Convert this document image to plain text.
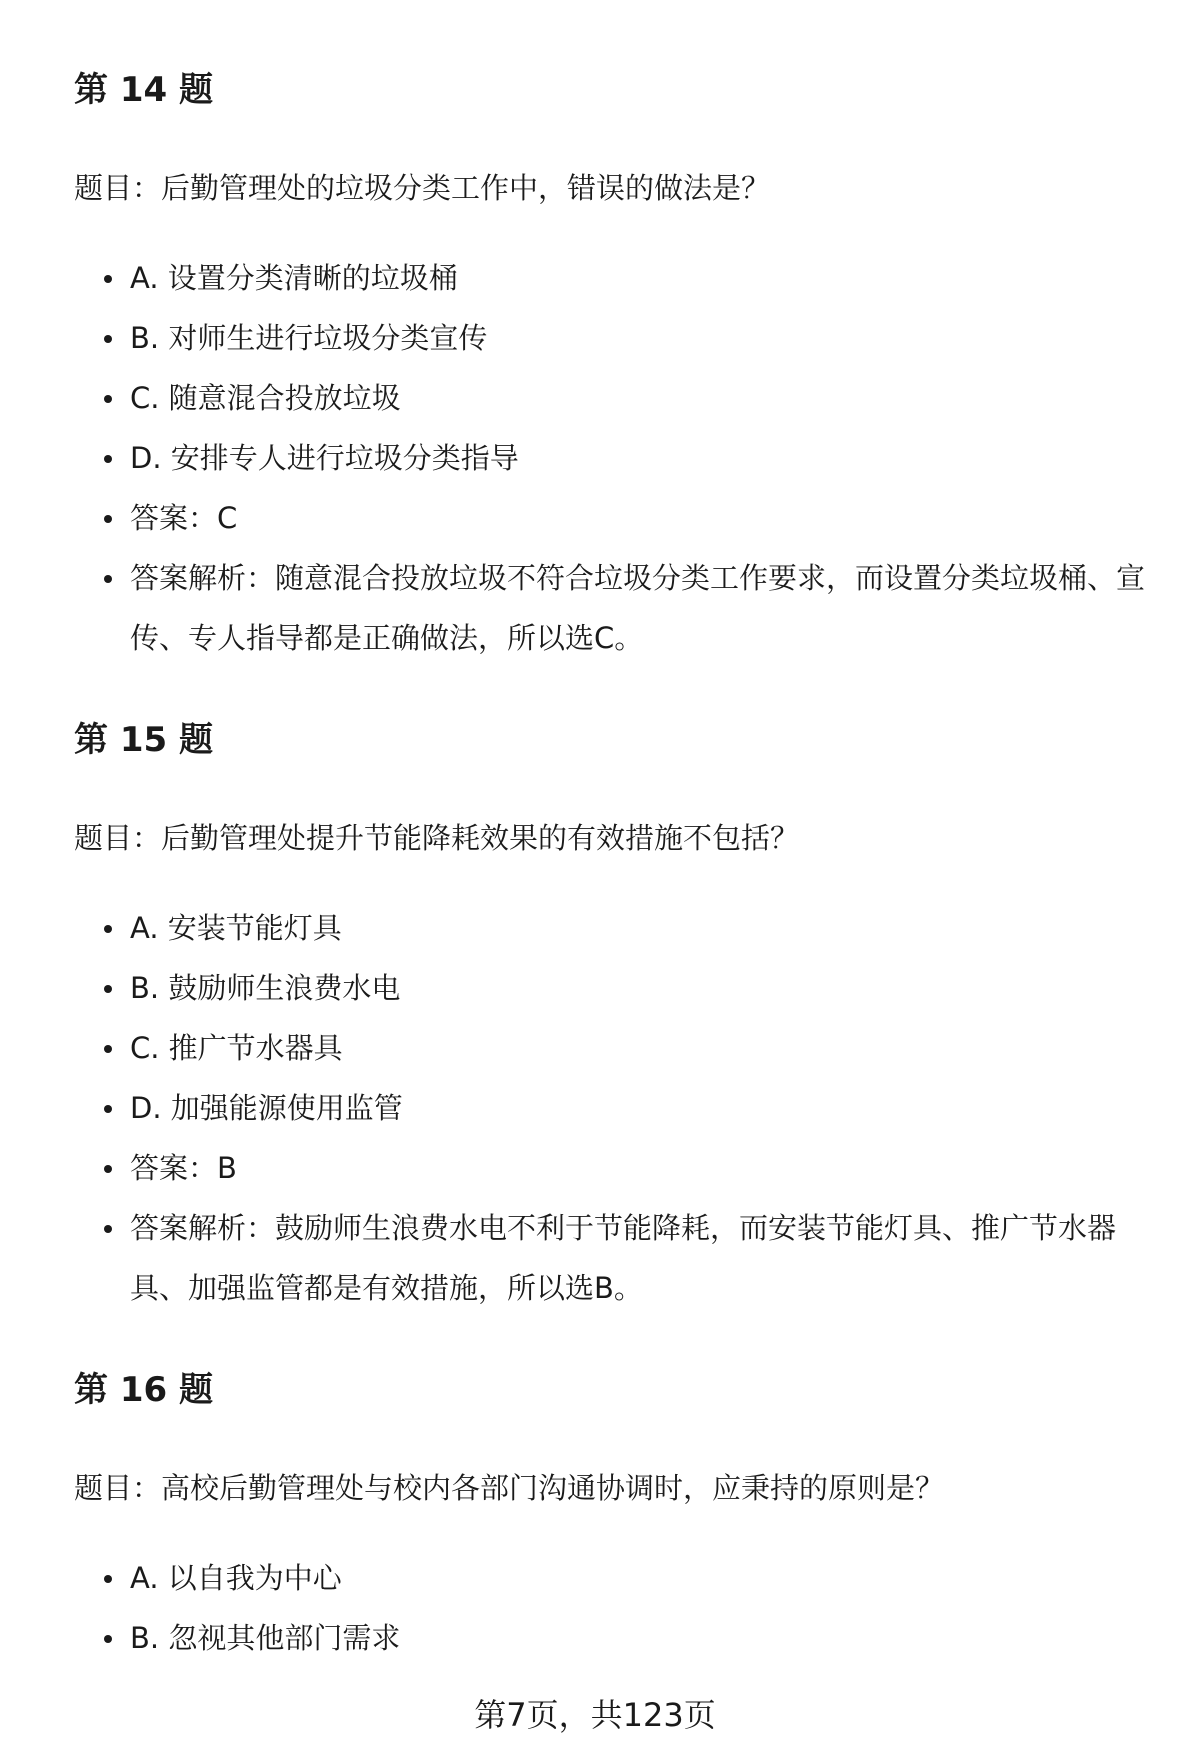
第 14 题

题目：后勤管理处的垃圾分类工作中，错误的做法是？

A. 设置分类清晰的垃圾桶
B. 对师生进行垃圾分类宣传
C. 随意混合投放垃圾
D. 安排专人进行垃圾分类指导
答案：C
答案解析：随意混合投放垃圾不符合垃圾分类工作要求，而设置分类垃圾桶、宣传、专人指导都是正确做法，所以选C。
第 15 题

题目：后勤管理处提升节能降耗效果的有效措施不包括？

A. 安装节能灯具
B. 鼓励师生浪费水电
C. 推广节水器具
D. 加强能源使用监管
答案：B
答案解析：鼓励师生浪费水电不利于节能降耗，而安装节能灯具、推广节水器具、加强监管都是有效措施，所以选B。
第 16 题

题目：高校后勤管理处与校内各部门沟通协调时，应秉持的原则是？

A. 以自我为中心
B. 忽视其他部门需求
第7页，共123页
